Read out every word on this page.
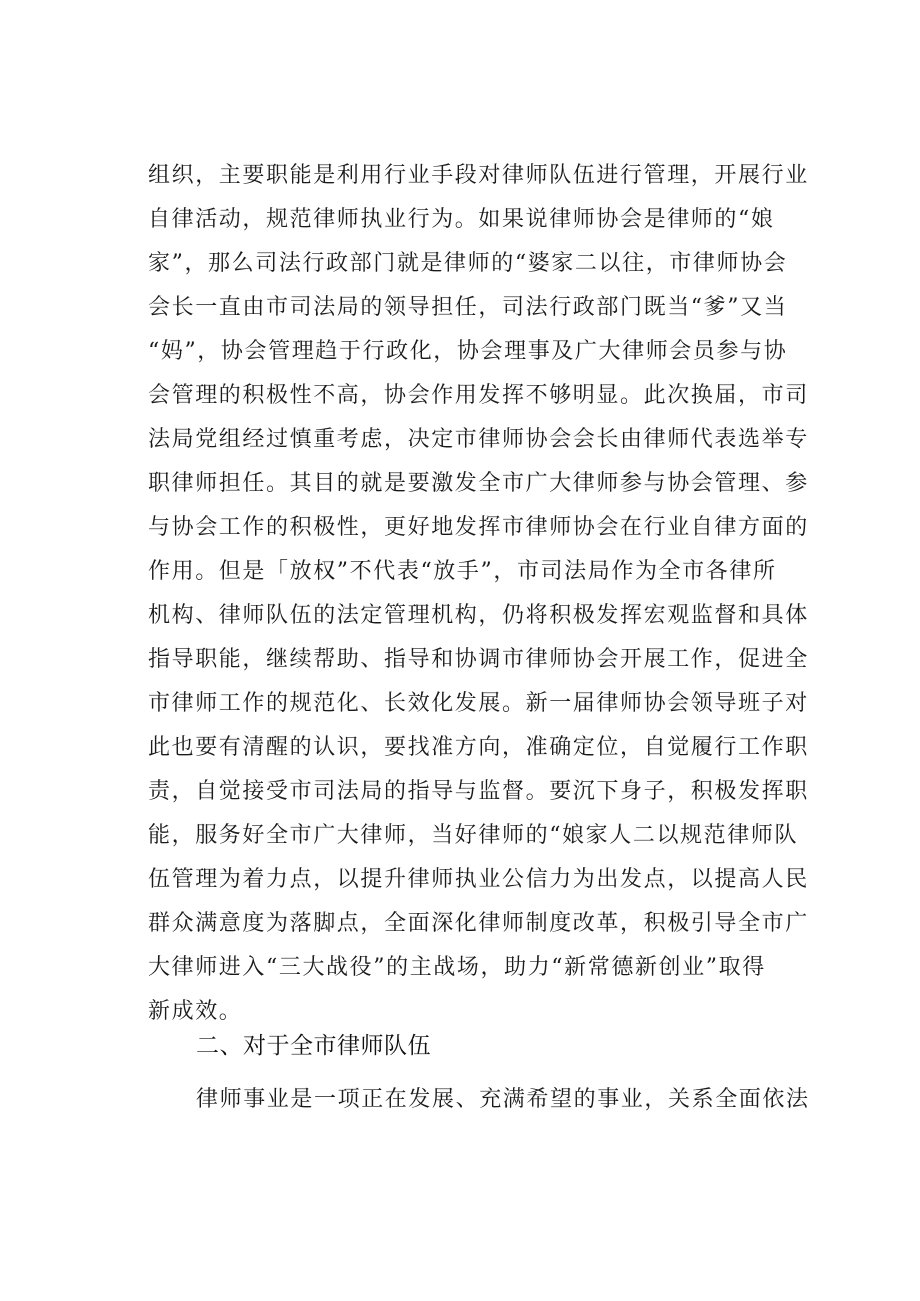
组织，主要职能是利用行业手段对律师队伍进行管理，开展行业
自律活动，规范律师执业行为。如果说律师协会是律师的“娘
家”，那么司法行政部门就是律师的“婆家二以往，市律师协会
会长一直由市司法局的领导担任，司法行政部门既当“爹”又当
“妈”，协会管理趋于行政化，协会理事及广大律师会员参与协
会管理的积极性不高，协会作用发挥不够明显。此次换届，市司
法局党组经过慎重考虑，决定市律师协会会长由律师代表选举专
职律师担任。其目的就是要激发全市广大律师参与协会管理、参
与协会工作的积极性，更好地发挥市律师协会在行业自律方面的
作用。但是「放权”不代表“放手”，市司法局作为全市各律所
机构、律师队伍的法定管理机构，仍将积极发挥宏观监督和具体
指导职能，继续帮助、指导和协调市律师协会开展工作，促进全
市律师工作的规范化、长效化发展。新一届律师协会领导班子对
此也要有清醒的认识，要找准方向，准确定位，自觉履行工作职
责，自觉接受市司法局的指导与监督。要沉下身子，积极发挥职
能，服务好全市广大律师，当好律师的“娘家人二以规范律师队
伍管理为着力点，以提升律师执业公信力为出发点，以提高人民
群众满意度为落脚点，全面深化律师制度改革，积极引导全市广
大律师进入“三大战役”的主战场，助力“新常德新创业”取得
新成效。
二、对于全市律师队伍
律师事业是一项正在发展、充满希望的事业，关系全面依法
